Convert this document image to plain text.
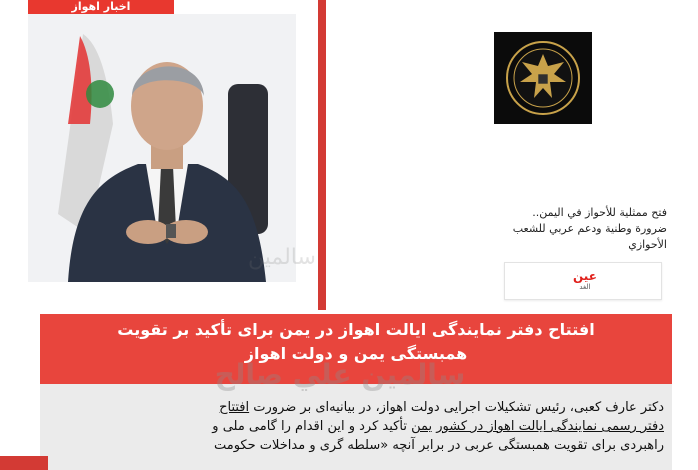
اخبار اهواز
سالمین
فتح ممثلية للأحواز في اليمن..
ضرورة وطنية ودعم عربي للشعب
الأحوازي
عين
الغد
افتتاح دفتر نمایندگی ایالت اهواز در یمن برای تأکید بر تقویت
همبستگی یمن و دولت اهواز
سالمین علي صالح
دکتر عارف کعبی، رئیس تشکیلات اجرایی دولت اهواز، در بیانیه‌ای بر ضرورت افتتاح
دفتر رسمی نمایندگی ایالت اهواز در کشور یمن تأکید کرد و این اقدام را گامی ملی و
راهبردی برای تقویت همبستگی عربی در برابر آنچه «سلطه گری و مداخلات حکومت
